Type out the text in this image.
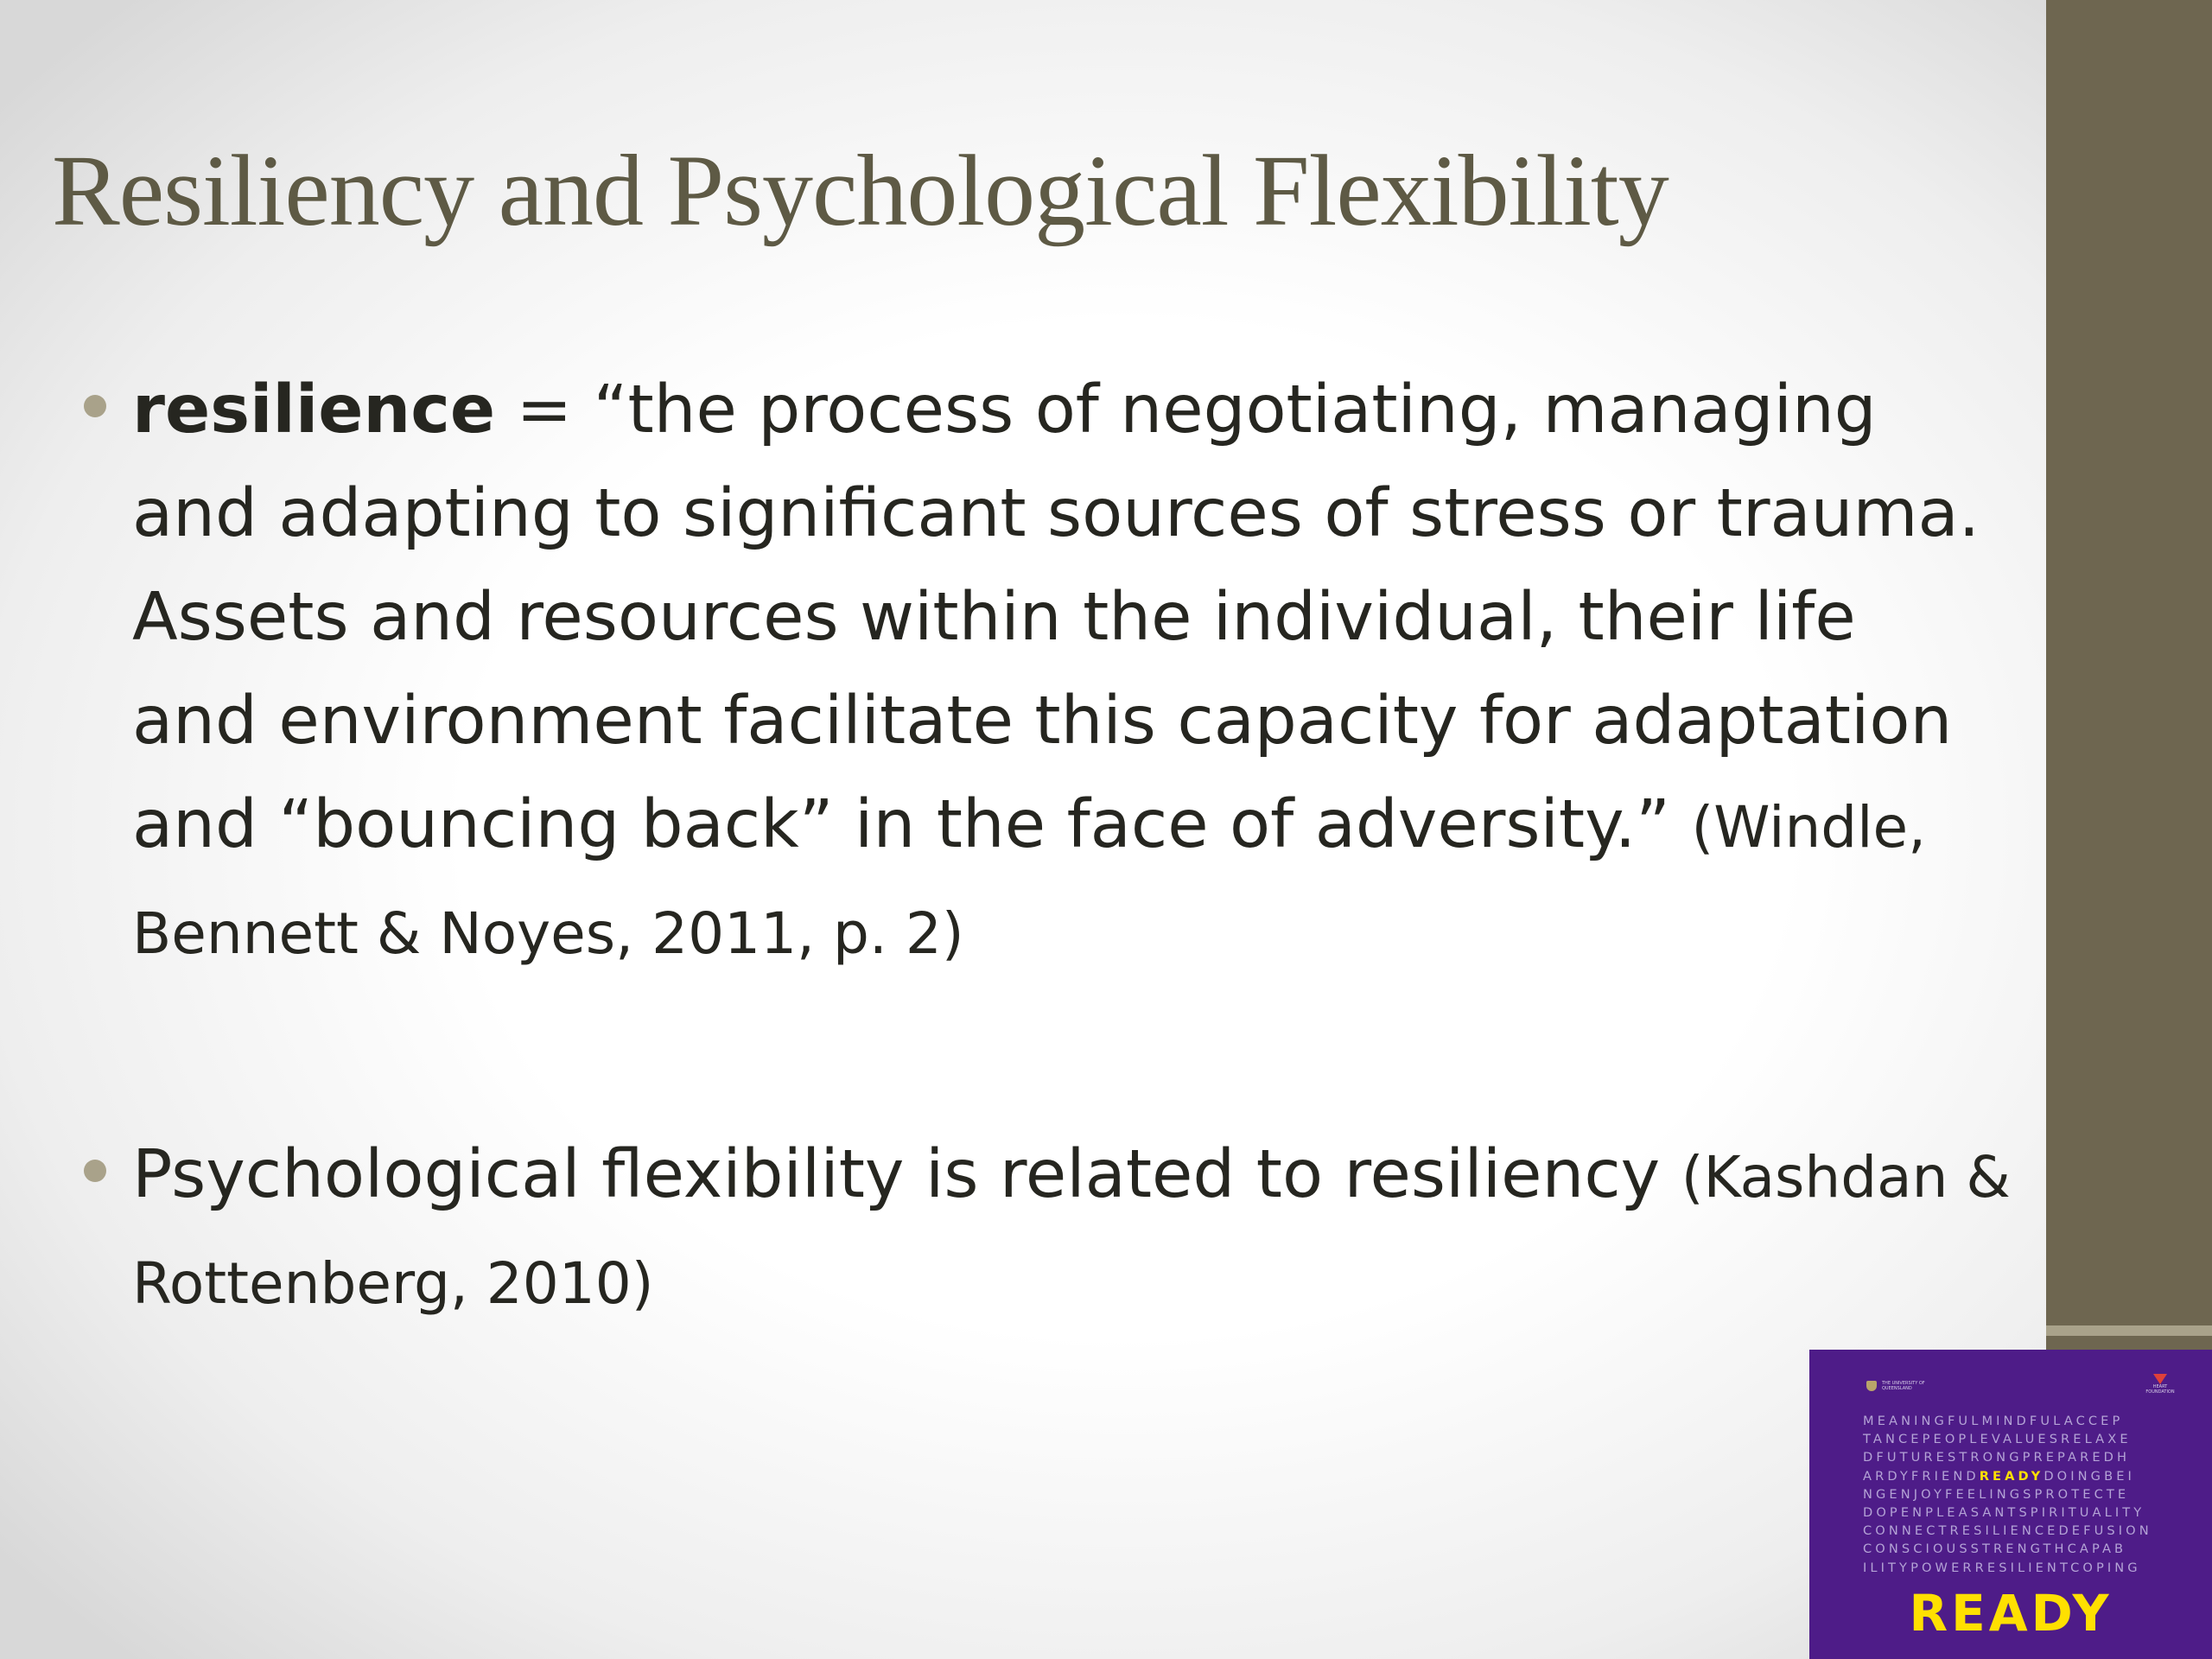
Resiliency and Psychological Flexibility
resilience = “the process of negotiating, managing and adapting to significant sources of stress or trauma. Assets and resources within the individual, their life and environment facilitate this capacity for adaptation and “bouncing back” in the face of adversity.” (Windle, Bennett & Noyes, 2011, p. 2)
Psychological flexibility is related to resiliency (Kashdan & Rottenberg, 2010)
THE UNIVERSITY OF QUEENSLAND	HEART FOUNDATION
MEANINGFULMINDFULACCEP
TANCEPEOPLEVALUESRELAXE
DFUTURESTRONGPREPAREDH
ARDYFRIENDREADYDOINGBEI
NGENJOYFEELINGSPROTECTE
DOPENPLEASANTSPIRITUALITY
CONNECTRESILIENCEDEFUSION
CONSCIOUSSTRENGTHCAPAB
ILITYPOWERRESILIENTCOPING
READY
